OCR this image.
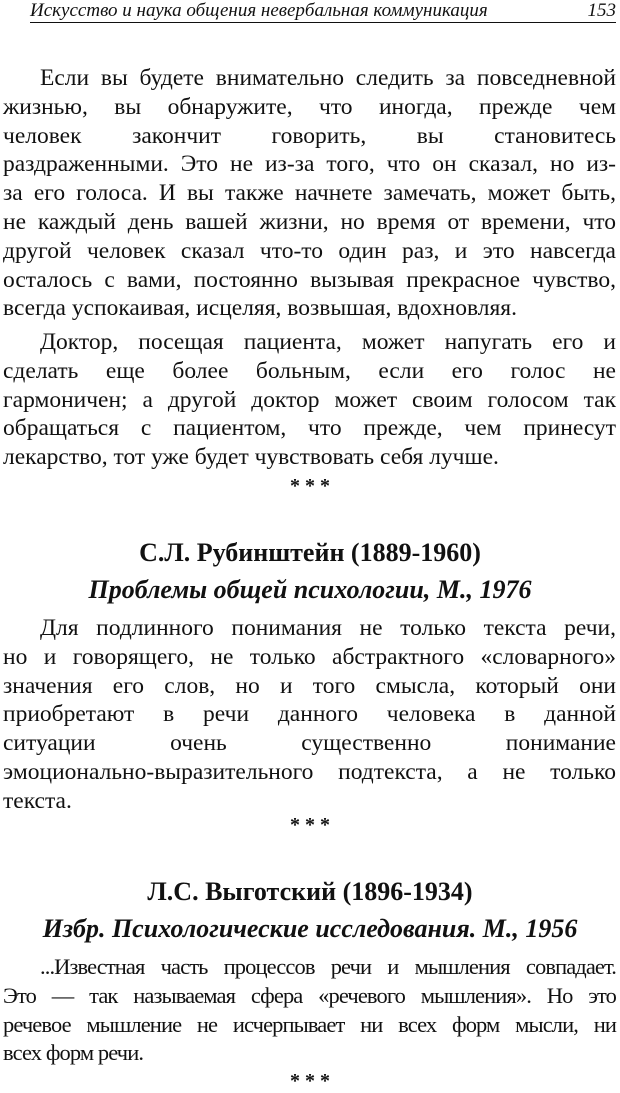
Искусство и наука общения невербальная коммуникация	153
Если вы будете внимательно следить за повседневной
жизнью, вы обнаружите, что иногда, прежде чем
человек закончит говорить, вы становитесь
раздраженными. Это не из-за того, что он сказал, но из-
за его голоса. И вы также начнете замечать, может быть,
не каждый день вашей жизни, но время от времени, что
другой человек сказал что-то один раз, и это навсегда
осталось с вами, постоянно вызывая прекрасное чувство,
всегда успокаивая, исцеляя, возвышая, вдохновляя.
Доктор, посещая пациента, может напугать его и
сделать еще более больным, если его голос не
гармоничен; а другой доктор может своим голосом так
обращаться с пациентом, что прежде, чем принесут
лекарство, тот уже будет чувствовать себя лучше.
* * *
С.Л. Рубинштейн (1889-1960)
Проблемы общей психологии, М., 1976
Для подлинного понимания не только текста речи,
но и говорящего, не только абстрактного «словарного»
значения его слов, но и того смысла, который они
приобретают в речи данного человека в данной
ситуации очень существенно понимание
эмоционально-выразительного подтекста, а не только
текста.
* * *
Л.С. Выготский (1896-1934)
Избр. Психологические исследования. М., 1956
...Известная часть процессов речи и мышления совпадает.
Это — так называемая сфера «речевого мышления». Но это
речевое мышление не исчерпывает ни всех форм мысли, ни
всех форм речи.
* * *
